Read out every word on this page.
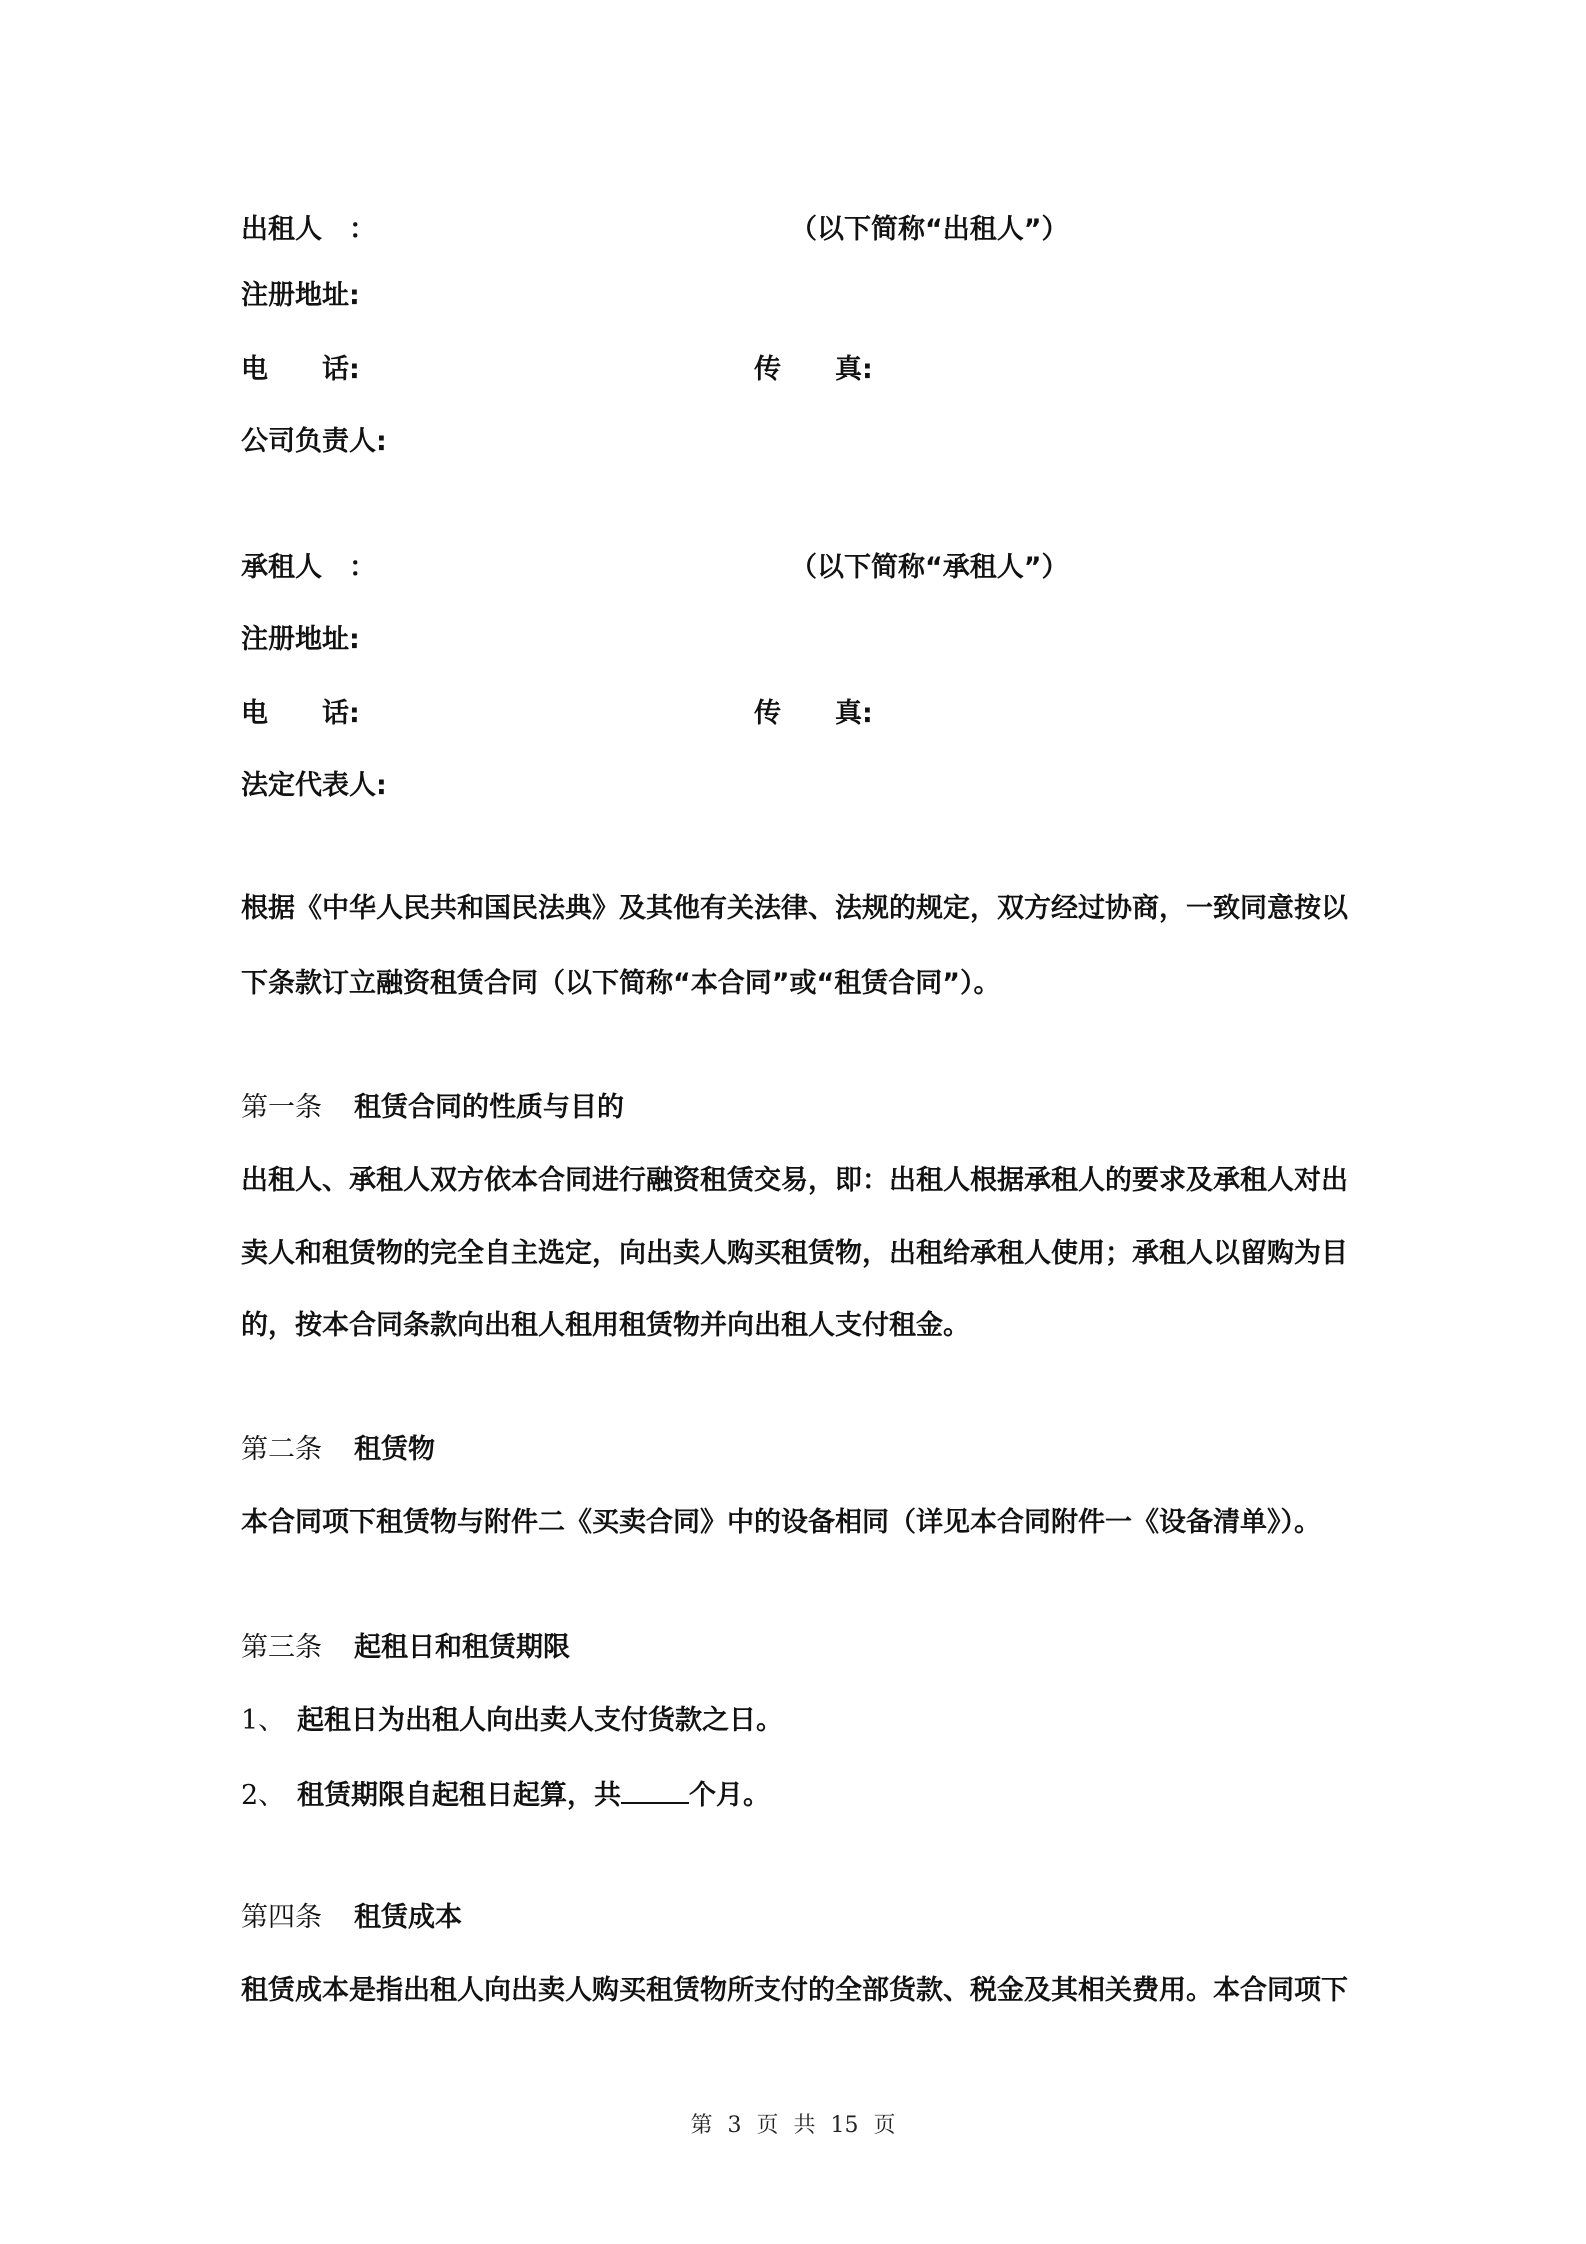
出租人　：	（以下简称“出租人”）
注册地址:
电　　话:	传　　真:
公司负责人:
承租人　：	（以下简称“承租人”）
注册地址:
电　　话:	传　　真:
法定代表人:
根据《中华人民共和国民法典》及其他有关法律、法规的规定，双方经过协商，一致同意按以
下条款订立融资租赁合同（以下简称“本合同”或“租赁合同”）。
第一条 租赁合同的性质与目的
出租人、承租人双方依本合同进行融资租赁交易，即：出租人根据承租人的要求及承租人对出
卖人和租赁物的完全自主选定，向出卖人购买租赁物，出租给承租人使用；承租人以留购为目
的，按本合同条款向出租人租用租赁物并向出租人支付租金。
第二条 租赁物
本合同项下租赁物与附件二《买卖合同》中的设备相同（详见本合同附件一《设备清单》）。
第三条 起租日和租赁期限
1、 起租日为出租人向出卖人支付货款之日。
2、 租赁期限自起租日起算，共	个月。
第四条 租赁成本
租赁成本是指出租人向出卖人购买租赁物所支付的全部货款、税金及其相关费用。本合同项下
第 3 页 共 15 页
